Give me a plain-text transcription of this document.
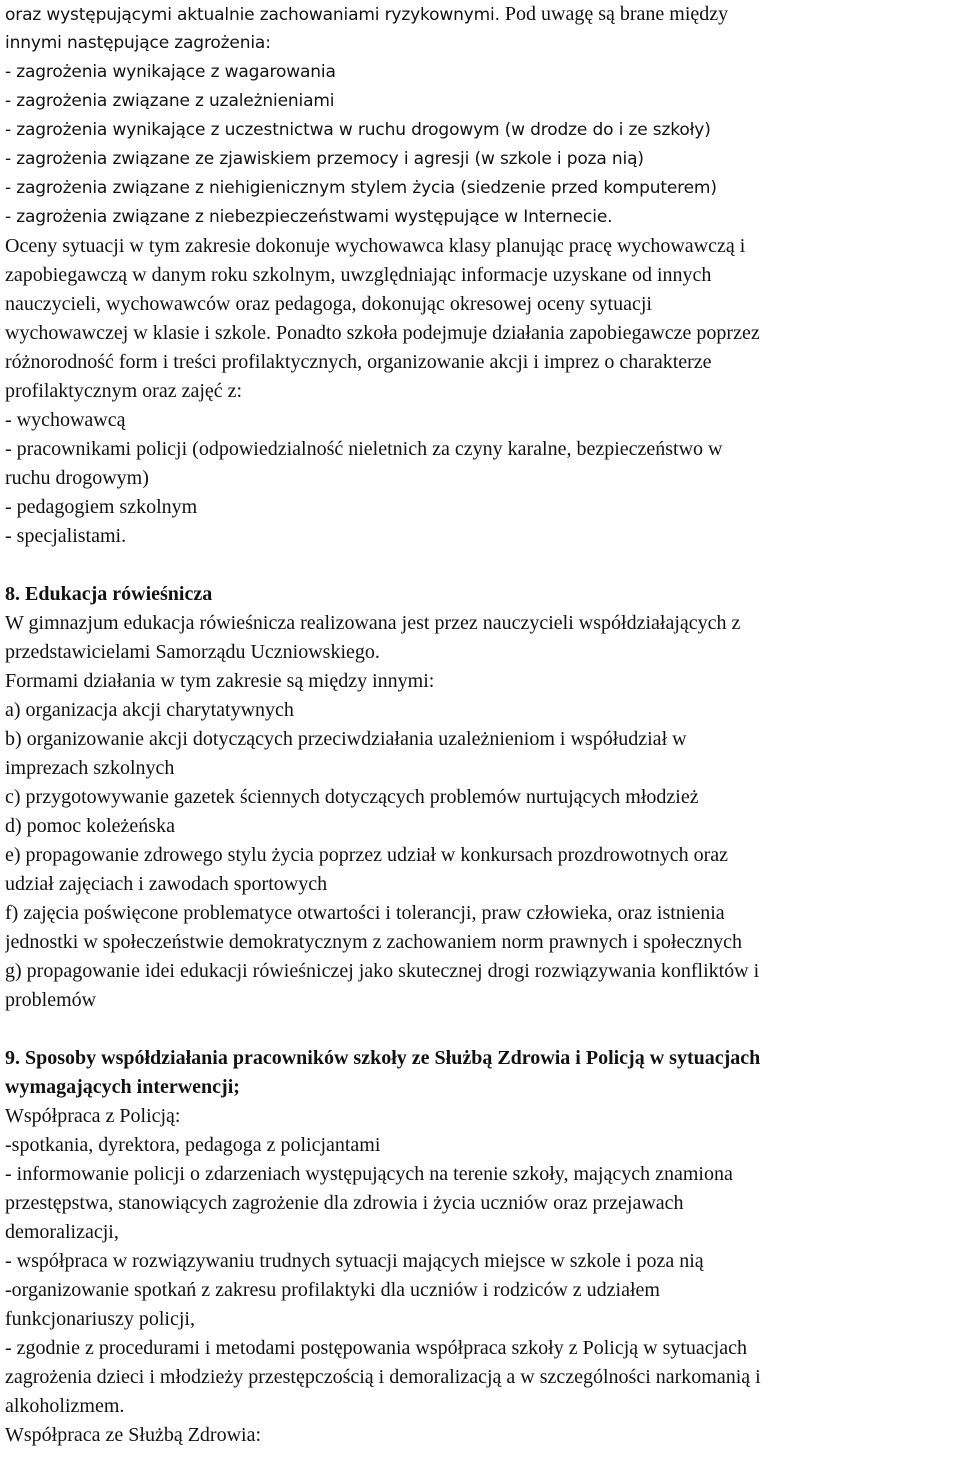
oraz występującymi aktualnie zachowaniami ryzykownymi. Pod uwagę są brane między
innymi następujące zagrożenia:
- zagrożenia wynikające z wagarowania
- zagrożenia związane z uzależnieniami
- zagrożenia wynikające z uczestnictwa w ruchu drogowym (w drodze do i ze szkoły)
- zagrożenia związane ze zjawiskiem przemocy i agresji (w szkole i poza nią)
- zagrożenia związane z niehigienicznym stylem życia (siedzenie przed komputerem)
- zagrożenia związane z niebezpieczeństwami występujące w Internecie.
Oceny sytuacji w tym zakresie dokonuje wychowawca klasy planując pracę wychowawczą i
zapobiegawczą w danym roku szkolnym, uwzględniając informacje uzyskane od innych
nauczycieli, wychowawców oraz pedagoga, dokonując okresowej oceny sytuacji
wychowawczej w klasie i szkole. Ponadto szkoła podejmuje działania zapobiegawcze poprzez
różnorodność form i treści profilaktycznych, organizowanie akcji i imprez o charakterze
profilaktycznym oraz zajęć z:
- wychowawcą
- pracownikami policji (odpowiedzialność nieletnich za czyny karalne, bezpieczeństwo w
ruchu drogowym)
- pedagogiem szkolnym
- specjalistami.
8. Edukacja rówieśnicza
W gimnazjum edukacja rówieśnicza realizowana jest przez nauczycieli współdziałających z
przedstawicielami Samorządu Uczniowskiego.
Formami działania w tym zakresie są między innymi:
a) organizacja akcji charytatywnych
b) organizowanie akcji dotyczących przeciwdziałania uzależnieniom i współudział w
imprezach szkolnych
c) przygotowywanie gazetek ściennych dotyczących problemów nurtujących młodzież
d) pomoc koleżeńska
e) propagowanie zdrowego stylu życia poprzez udział w konkursach prozdrowotnych oraz
udział zajęciach i zawodach sportowych
f) zajęcia poświęcone problematyce otwartości i tolerancji, praw człowieka, oraz istnienia
jednostki w społeczeństwie demokratycznym z zachowaniem norm prawnych i społecznych
g) propagowanie idei edukacji rówieśniczej jako skutecznej drogi rozwiązywania konfliktów i
problemów
9. Sposoby współdziałania pracowników szkoły ze Służbą Zdrowia i Policją w sytuacjach
wymagających interwencji;
Współpraca z Policją:
-spotkania, dyrektora, pedagoga z policjantami
- informowanie policji o zdarzeniach występujących na terenie szkoły, mających znamiona
przestępstwa, stanowiących zagrożenie dla zdrowia i życia uczniów oraz przejawach
demoralizacji,
- współpraca w rozwiązywaniu trudnych sytuacji mających miejsce w szkole i poza nią
-organizowanie spotkań z zakresu profilaktyki dla uczniów i rodziców z udziałem
funkcjonariuszy policji,
- zgodnie z procedurami i metodami postępowania współpraca szkoły z Policją w sytuacjach
zagrożenia dzieci i młodzieży przestępczością i demoralizacją a w szczególności narkomanią i
alkoholizmem.
Współpraca ze Służbą Zdrowia:
